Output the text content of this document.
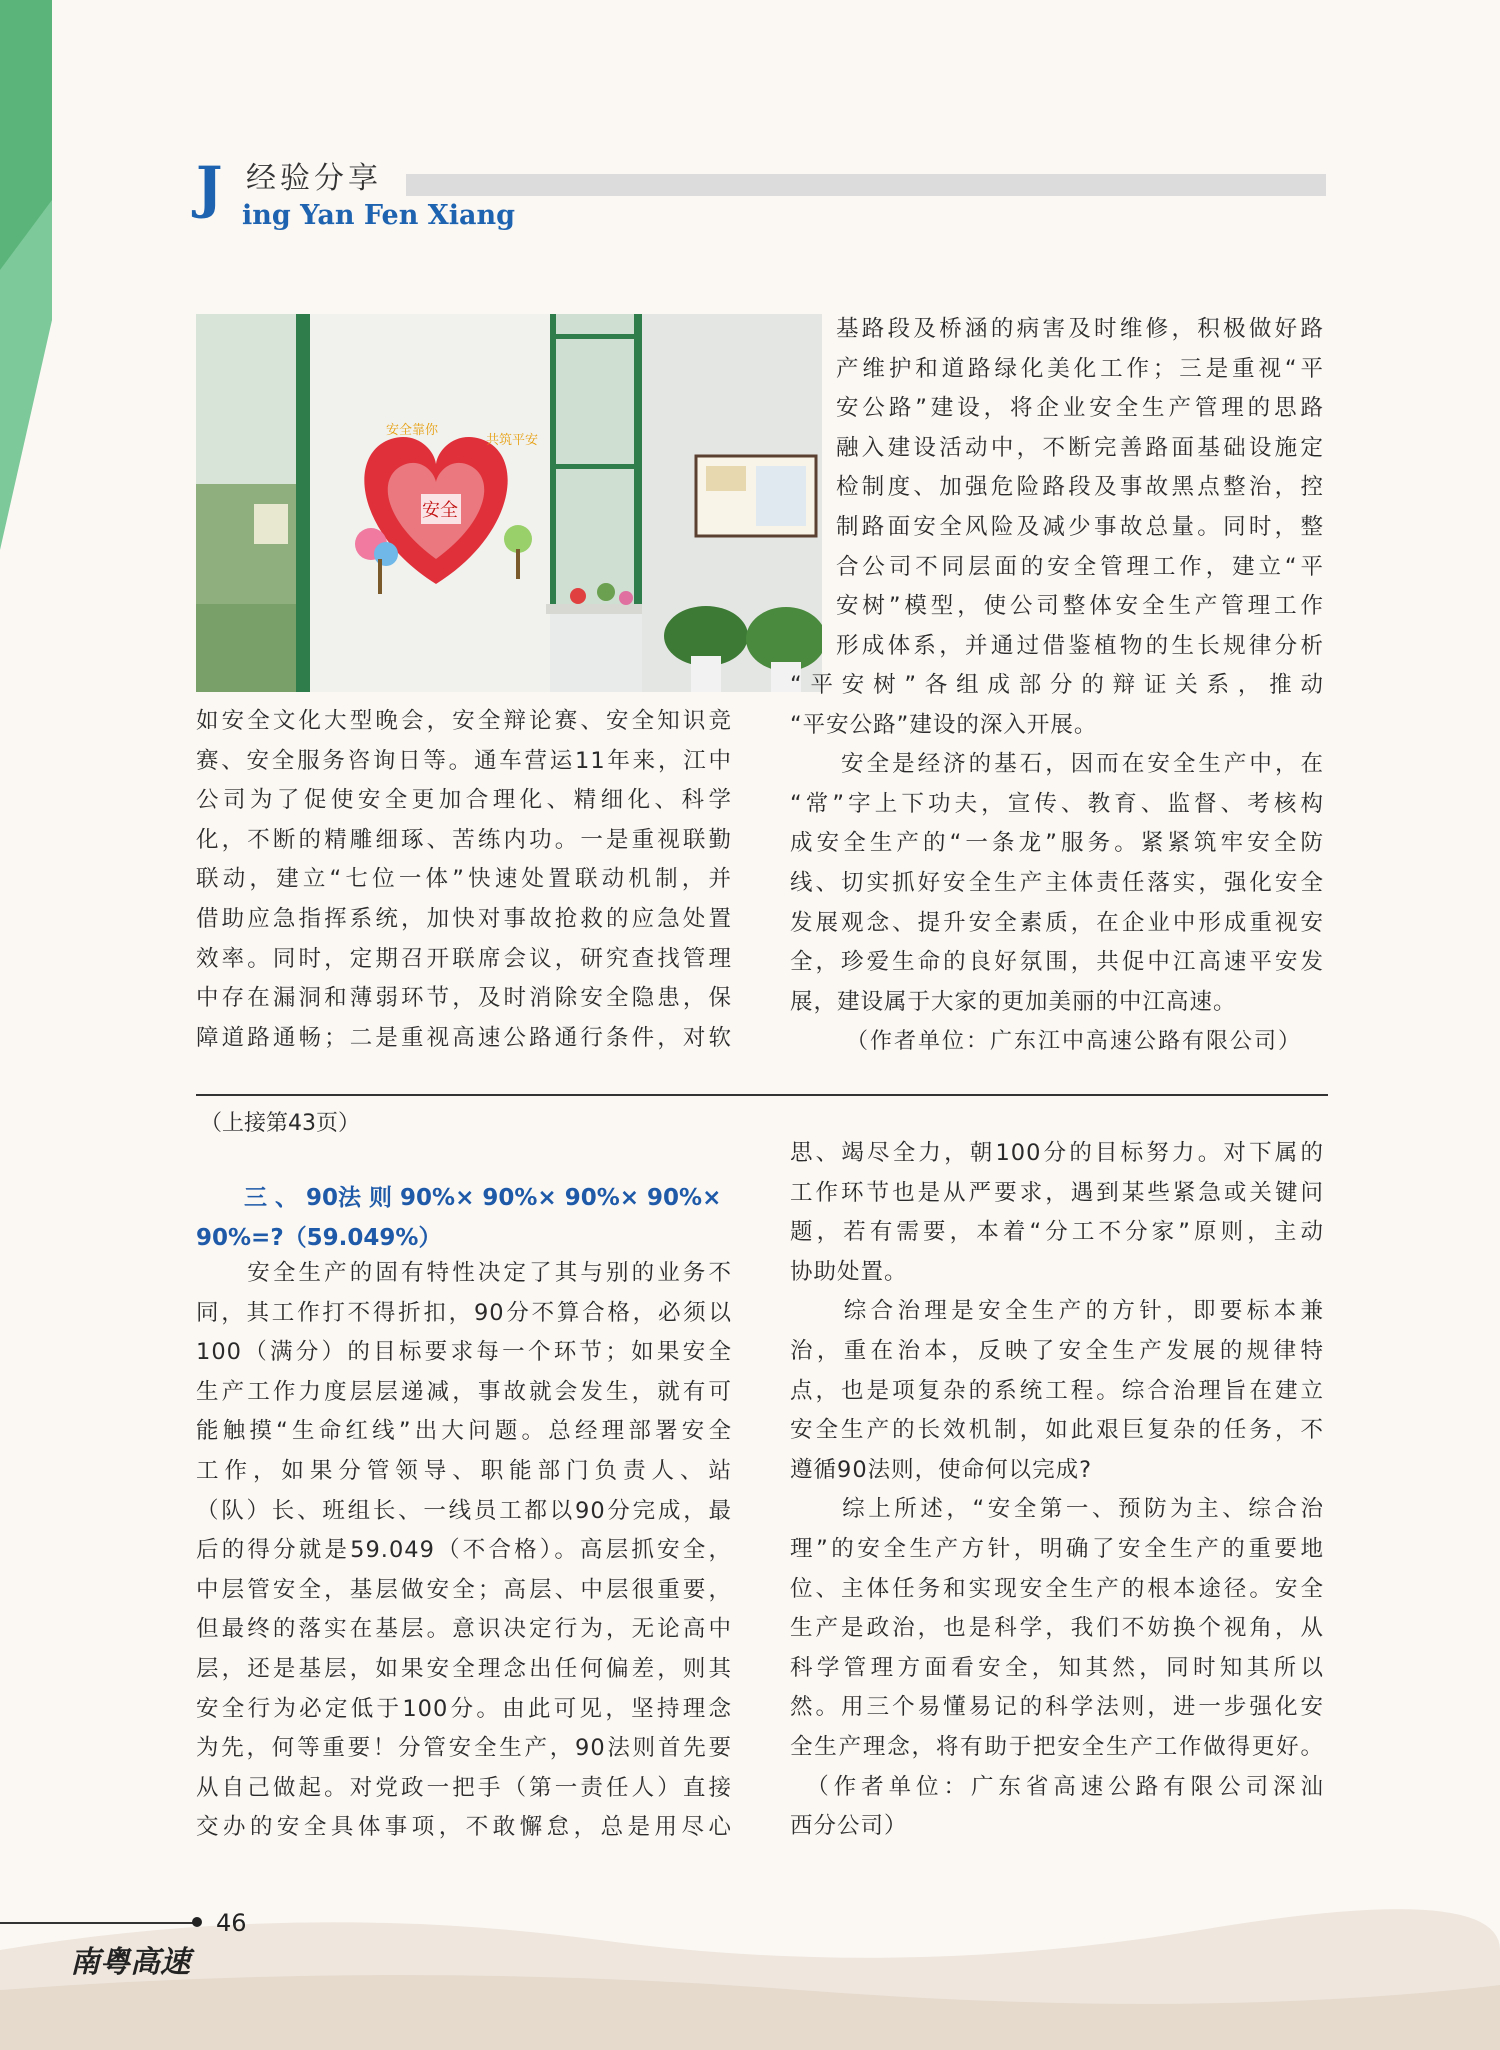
J 经验分享
ing Yan Fen Xiang
安全
安全靠你
共筑平安
如安全文化大型晚会，安全辩论赛、安全知识竞
赛、安全服务咨询日等。通车营运11年来，江中
公司为了促使安全更加合理化、精细化、科学
化，不断的精雕细琢、苦练内功。一是重视联勤
联动，建立“七位一体”快速处置联动机制，并
借助应急指挥系统，加快对事故抢救的应急处置
效率。同时，定期召开联席会议，研究查找管理
中存在漏洞和薄弱环节，及时消除安全隐患，保
障道路通畅；二是重视高速公路通行条件，对软
基路段及桥涵的病害及时维修，积极做好路
产维护和道路绿化美化工作；三是重视“平
安公路”建设，将企业安全生产管理的思路
融入建设活动中，不断完善路面基础设施定
检制度、加强危险路段及事故黑点整治，控
制路面安全风险及减少事故总量。同时，整
合公司不同层面的安全管理工作，建立“平
安树”模型，使公司整体安全生产管理工作
形成体系，并通过借鉴植物的生长规律分析
“平安树”各组成部分的辩证关系，推动
“平安公路”建设的深入开展。
　　安全是经济的基石，因而在安全生产中，在
“常”字上下功夫，宣传、教育、监督、考核构
成安全生产的“一条龙”服务。紧紧筑牢安全防
线、切实抓好安全生产主体责任落实，强化安全
发展观念、提升安全素质，在企业中形成重视安
全，珍爱生命的良好氛围，共促中江高速平安发
展，建设属于大家的更加美丽的中江高速。

（作者单位：广东江中高速公路有限公司）

（上接第43页）

三 、 90法 则 90%× 90%× 90%× 90%×
90%=?（59.049%）
　　安全生产的固有特性决定了其与别的业务不
同，其工作打不得折扣，90分不算合格，必须以
100（满分）的目标要求每一个环节；如果安全
生产工作力度层层递减，事故就会发生，就有可
能触摸“生命红线”出大问题。总经理部署安全
工作，如果分管领导、职能部门负责人、站
（队）长、班组长、一线员工都以90分完成，最
后的得分就是59.049（不合格）。高层抓安全，
中层管安全，基层做安全；高层、中层很重要，
但最终的落实在基层。意识决定行为，无论高中
层，还是基层，如果安全理念出任何偏差，则其
安全行为必定低于100分。由此可见，坚持理念
为先，何等重要！分管安全生产，90法则首先要
从自己做起。对党政一把手（第一责任人）直接
交办的安全具体事项，不敢懈怠，总是用尽心
思、竭尽全力，朝100分的目标努力。对下属的
工作环节也是从严要求，遇到某些紧急或关键问
题，若有需要，本着“分工不分家”原则，主动
协助处置。
　　综合治理是安全生产的方针，即要标本兼
治，重在治本，反映了安全生产发展的规律特
点，也是项复杂的系统工程。综合治理旨在建立
安全生产的长效机制，如此艰巨复杂的任务，不
遵循90法则，使命何以完成?
　　综上所述，“安全第一、预防为主、综合治
理”的安全生产方针，明确了安全生产的重要地
位、主体任务和实现安全生产的根本途径。安全
生产是政治，也是科学，我们不妨换个视角，从
科学管理方面看安全，知其然，同时知其所以
然。用三个易懂易记的科学法则，进一步强化安
全生产理念，将有助于把安全生产工作做得更好。
　（作者单位：广东省高速公路有限公司深汕
西分公司）
46
南粤高速
